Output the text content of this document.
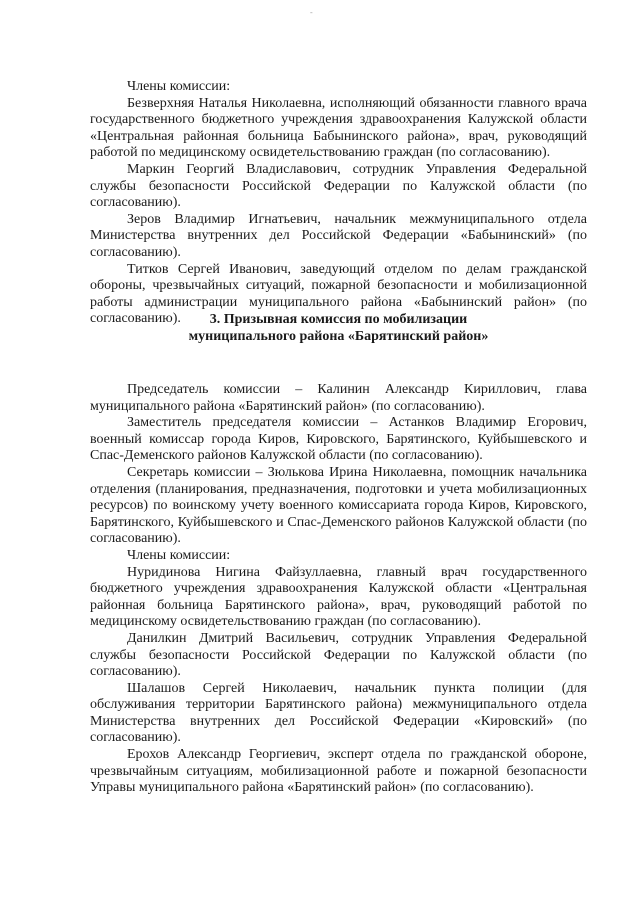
-

Члены комиссии:

Безверхняя Наталья Николаевна, исполняющий обязанности главного врача государственного бюджетного учреждения здравоохранения Калужской области «Центральная районная больница Бабынинского района», врач, руководящий работой по медицинскому освидетельствованию граждан (по согласованию).

Маркин Георгий Владиславович, сотрудник Управления Федеральной службы безопасности Российской Федерации по Калужской области (по согласованию).

Зеров Владимир Игнатьевич, начальник межмуниципального отдела Министерства внутренних дел Российской Федерации «Бабынинский» (по согласованию).

Титков Сергей Иванович, заведующий отделом по делам гражданской обороны, чрезвычайных ситуаций, пожарной безопасности и мобилизационной работы администрации муниципального района «Бабынинский район» (по согласованию).	3. Призывная комиссия по мобилизации
муниципального района «Барятинский район»

Председатель комиссии – Калинин Александр Кириллович, глава муниципального района «Барятинский район» (по согласованию).

Заместитель председателя комиссии – Астанков Владимир Егорович, военный комиссар города Киров, Кировского, Барятинского, Куйбышевского и Спас-Деменского районов Калужской области (по согласованию).

Секретарь комиссии – Зюлькова Ирина Николаевна, помощник начальника отделения (планирования, предназначения, подготовки и учета мобилизационных ресурсов) по воинскому учету военного комиссариата города Киров, Кировского, Барятинского, Куйбышевского и Спас-Деменского районов Калужской области (по согласованию).

Члены комиссии:

Нуридинова Нигина Файзуллаевна, главный врач государственного бюджетного учреждения здравоохранения Калужской области «Центральная районная больница Барятинского района», врач, руководящий работой по медицинскому освидетельствованию граждан (по согласованию).

Данилкин Дмитрий Васильевич, сотрудник Управления Федеральной службы безопасности Российской Федерации по Калужской области (по согласованию).

Шалашов Сергей Николаевич, начальник пункта полиции (для обслуживания территории Барятинского района) межмуниципального отдела Министерства внутренних дел Российской Федерации «Кировский» (по согласованию).

Ерохов Александр Георгиевич, эксперт отдела по гражданской обороне, чрезвычайным ситуациям, мобилизационной работе и пожарной безопасности Управы муниципального района «Барятинский район» (по согласованию).
